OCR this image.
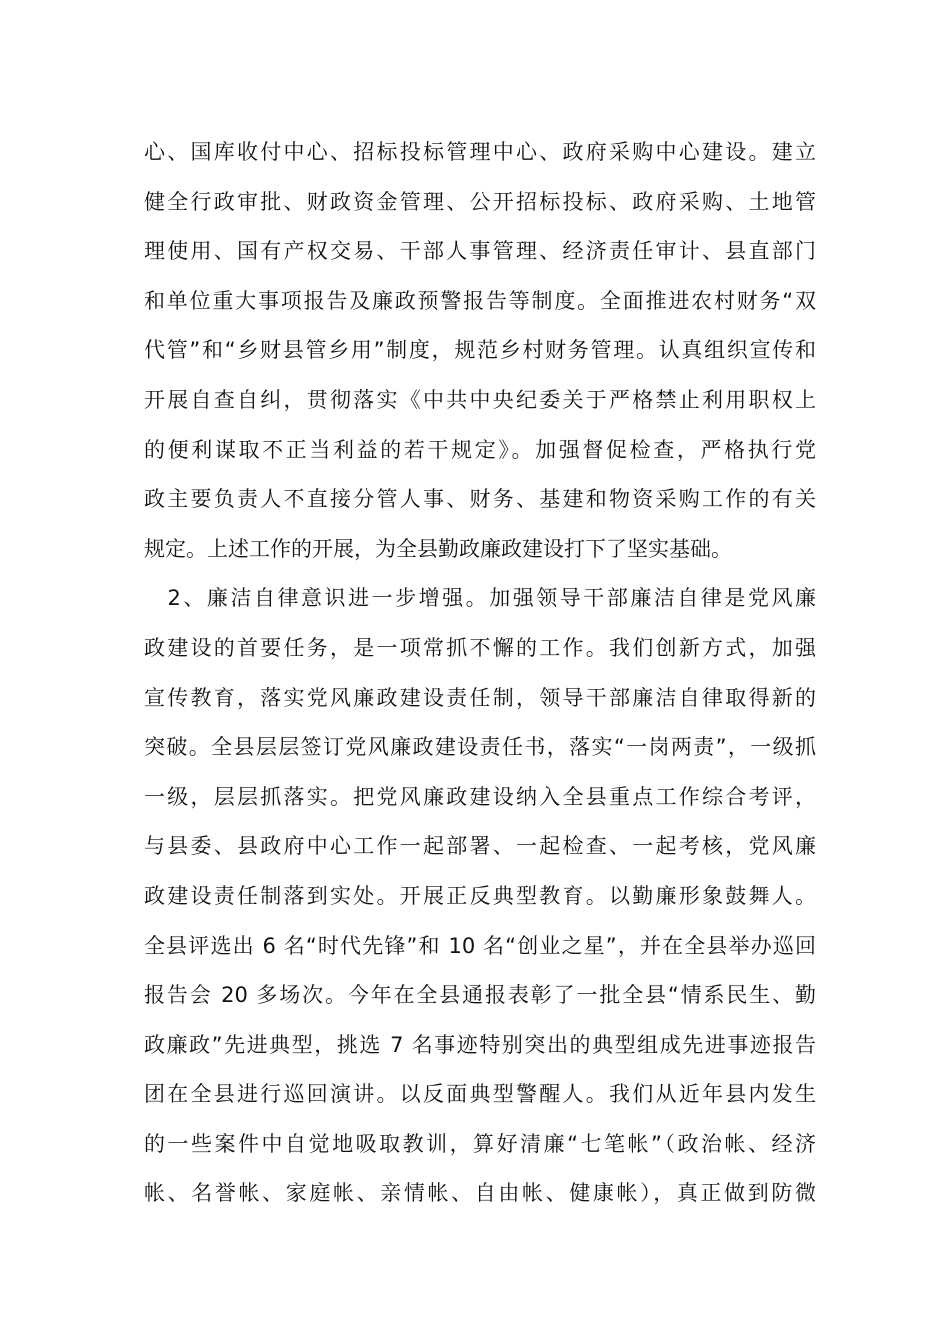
心、国库收付中心、招标投标管理中心、政府采购中心建设。建立
健全行政审批、财政资金管理、公开招标投标、政府采购、土地管
理使用、国有产权交易、干部人事管理、经济责任审计、县直部门
和单位重大事项报告及廉政预警报告等制度。全面推进农村财务“双
代管”和“乡财县管乡用”制度，规范乡村财务管理。认真组织宣传和
开展自查自纠，贯彻落实《中共中央纪委关于严格禁止利用职权上
的便利谋取不正当利益的若干规定》。加强督促检查，严格执行党
政主要负责人不直接分管人事、财务、基建和物资采购工作的有关
规定。上述工作的开展，为全县勤政廉政建设打下了坚实基础。
　2、廉洁自律意识进一步增强。加强领导干部廉洁自律是党风廉
政建设的首要任务，是一项常抓不懈的工作。我们创新方式，加强
宣传教育，落实党风廉政建设责任制，领导干部廉洁自律取得新的
突破。全县层层签订党风廉政建设责任书，落实“一岗两责”，一级抓
一级，层层抓落实。把党风廉政建设纳入全县重点工作综合考评，
与县委、县政府中心工作一起部署、一起检查、一起考核，党风廉
政建设责任制落到实处。开展正反典型教育。以勤廉形象鼓舞人。
全县评选出 6 名“时代先锋”和 10 名“创业之星”，并在全县举办巡回
报告会 20 多场次。今年在全县通报表彰了一批全县“情系民生、勤
政廉政”先进典型，挑选 7 名事迹特别突出的典型组成先进事迹报告
团在全县进行巡回演讲。以反面典型警醒人。我们从近年县内发生
的一些案件中自觉地吸取教训，算好清廉“七笔帐”（政治帐、经济
帐、名誉帐、家庭帐、亲情帐、自由帐、健康帐），真正做到防微
